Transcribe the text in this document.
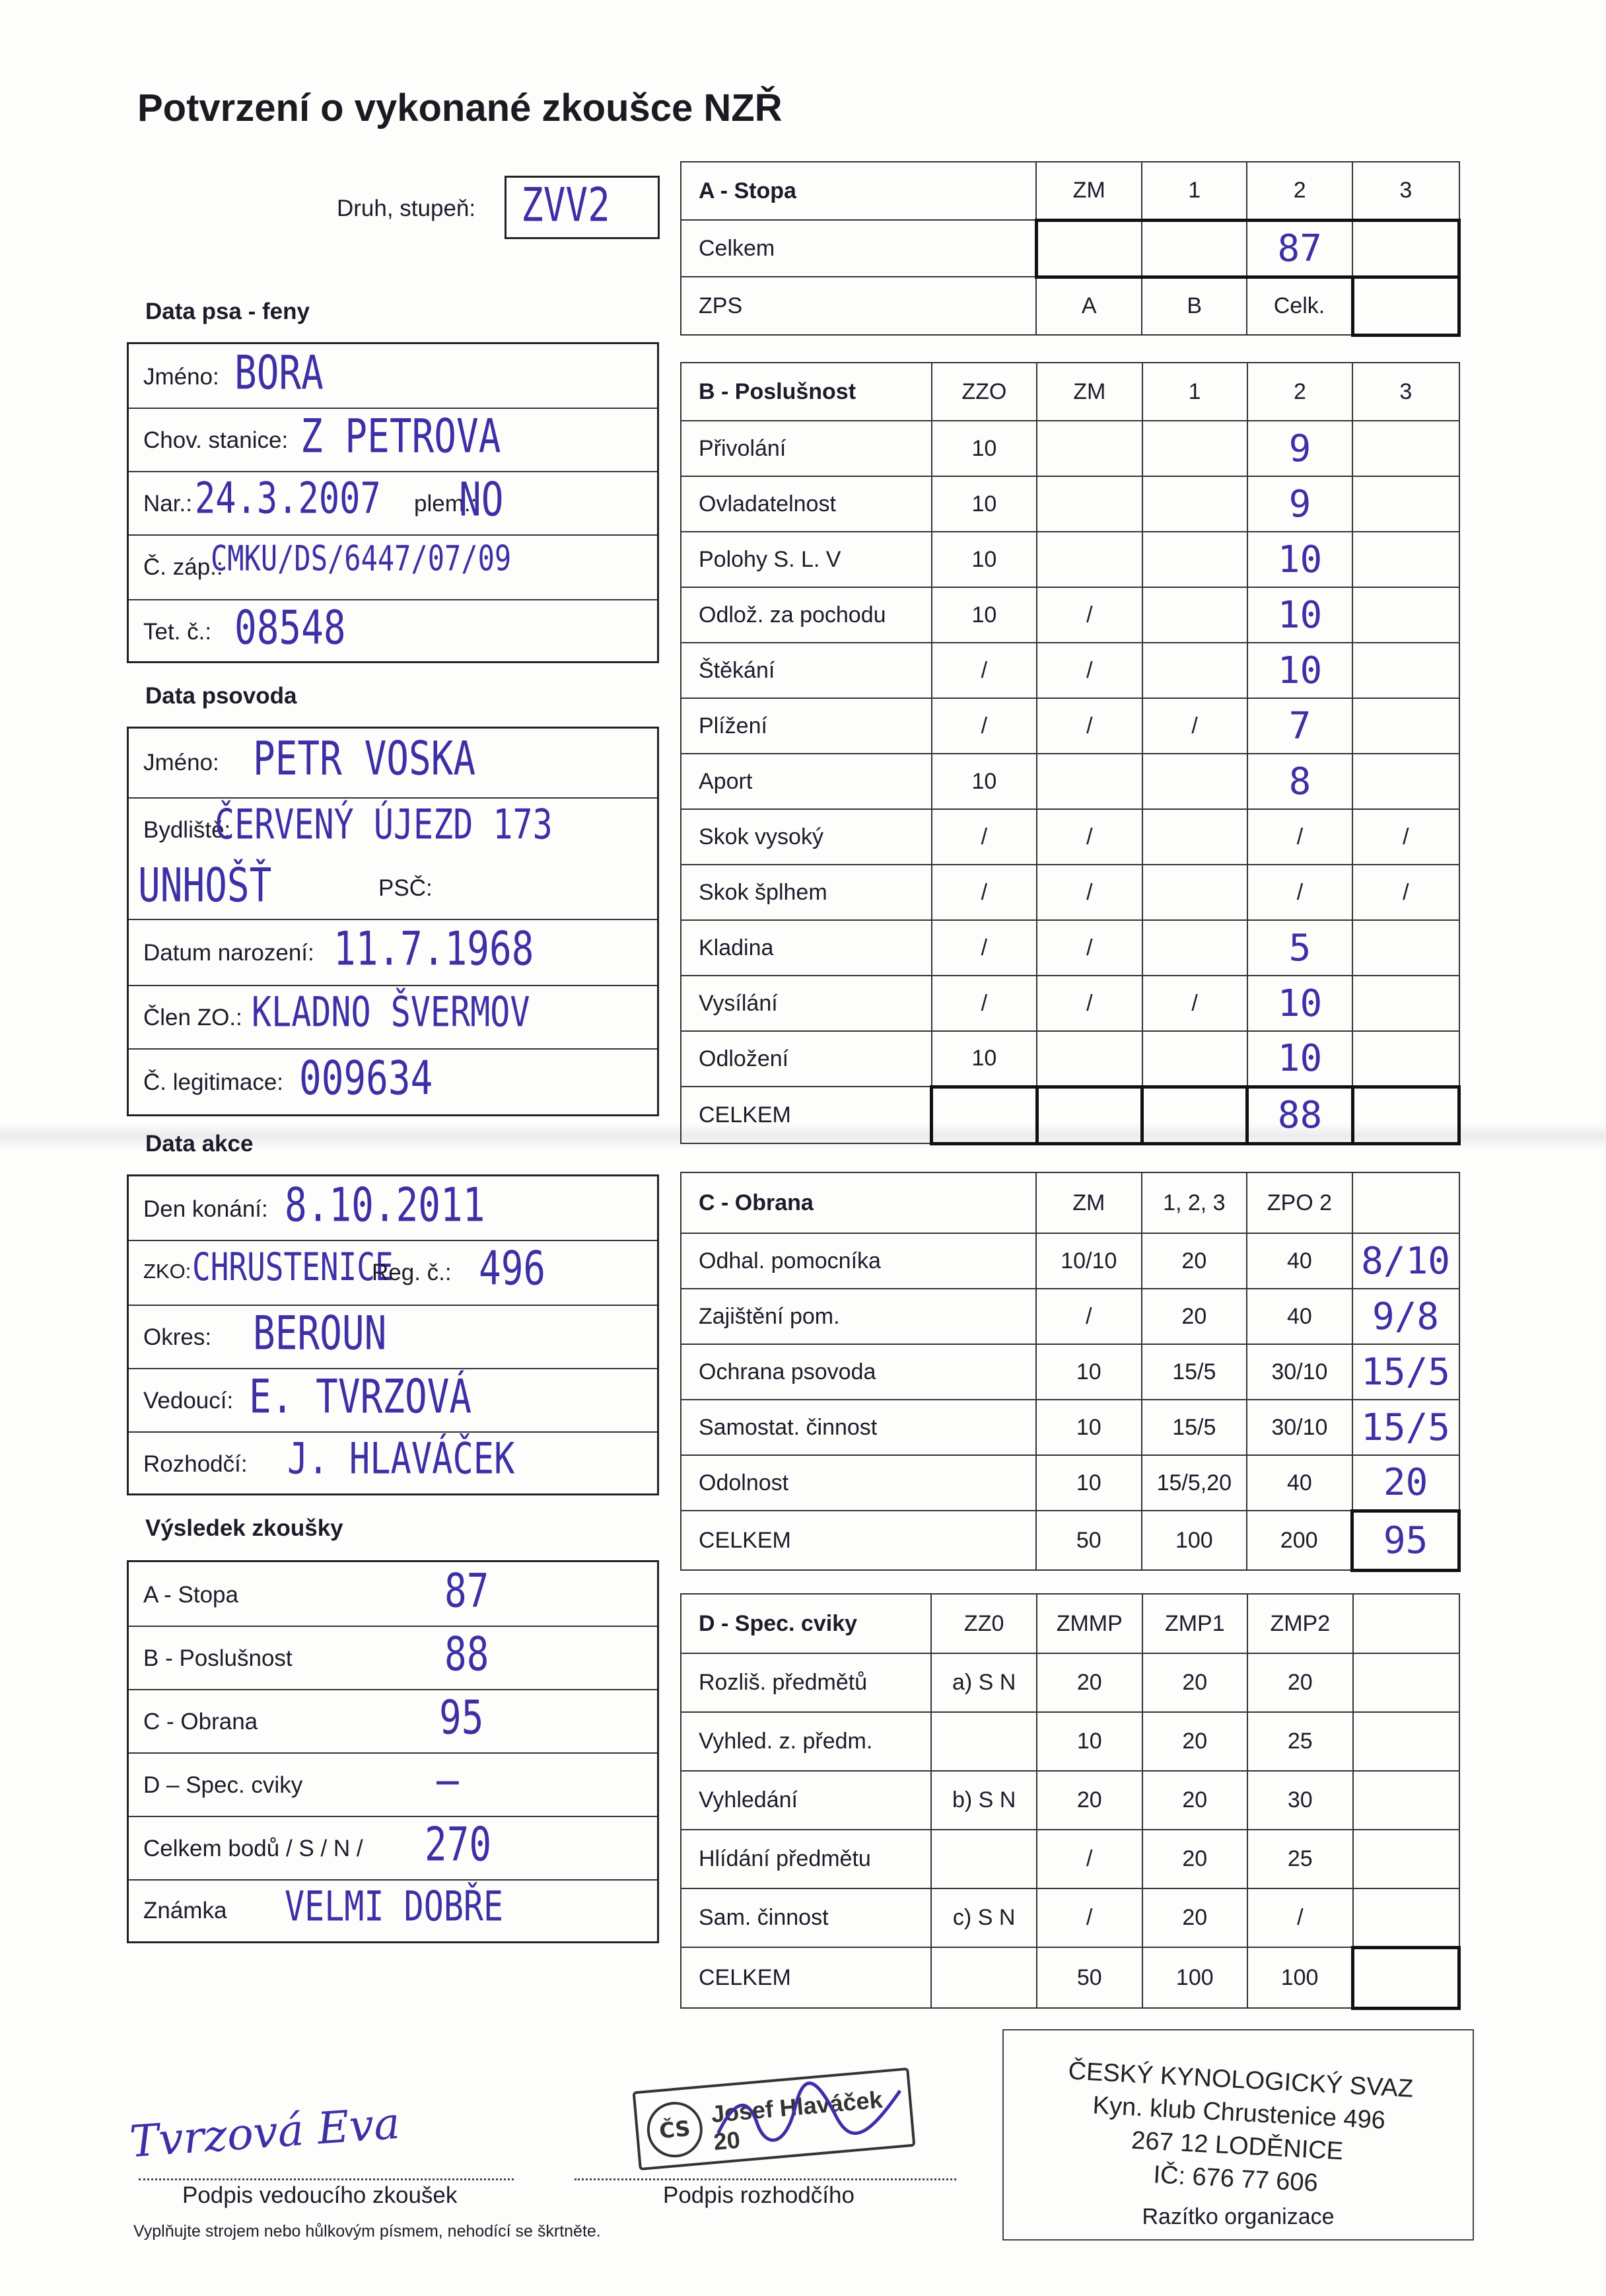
Potvrzení o vykonané zkoušce NZŘ
Druh, stupeň: ZVV2
Data psa - feny
Jméno: BORA
Chov. stanice: Z PETROVA
Nar.: 24.3.2007 plem.:
NO
Č. záp.:
CMKU/DS/6447/07/09
Tet. č.: 08548
Data psovoda
Jméno: PETR VOSKA
Bydliště:
ČERVENÝ ÚJEZD 173
UNHOŠŤ	PSČ:
Datum narození: 11.7.1968
Člen ZO.: KLADNO ŠVERMOV
Č. legitimace: 009634
Data akce
Den konání: 8.10.2011
ZKO: CHRUSTENICE
Reg. č.: 496
Okres: BEROUN
Vedoucí: E. TVRZOVÁ
Rozhodčí: J. HLAVÁČEK
Výsledek zkoušky
A - Stopa	87
B - Poslušnost	88
C - Obrana	95
D – Spec. cviky	—
Celkem bodů / S / N / 270
Známka VELMI DOBŘE
A - Stopa	ZM	1	2	3
Celkem			87	
ZPS	A	B	Celk.	
B - Poslušnost	ZZO	ZM	1	2	3
Přivolání	10			9	
Ovladatelnost	10			9	
Polohy S. L. V	10			10	
Odlož. za pochodu	10	/		10	
Štěkání	/	/		10	
Plížení	/	/	/	7	
Aport	10			8	
Skok vysoký	/	/		/	/
Skok šplhem	/	/		/	/
Kladina	/	/		5	
Vysílání	/	/	/	10	
Odložení	10			10	
CELKEM				88	
C - Obrana	ZM	1, 2, 3	ZPO 2	
Odhal. pomocníka	10/10	20	40	8/10
Zajištění pom.	/	20	40	9/8
Ochrana psovoda	10	15/5	30/10	15/5
Samostat. činnost	10	15/5	30/10	15/5
Odolnost	10	15/5,20	40	20
CELKEM	50	100	200	95
D - Spec. cviky	ZZ0	ZMMP	ZMP1	ZMP2	
Rozliš. předmětů	a) S N	20	20	20	
Vyhled. z. předm.		10	20	25	
Vyhledání	b) S N	20	20	30	
Hlídání předmětu		/	20	25	
Sam. činnost	c) S N	/	20	/	
CELKEM		50	100	100	
ČESKÝ KYNOLOGICKÝ SVAZ
Kyn. klub Chrustenice 496
267 12 LODĚNICE
IČ: 676 77 606
Razítko organizace
Tvrzová Eva
Podpis vedoucího zkoušek
ČS
Josef Hlaváček 20
Podpis rozhodčího
Vyplňujte strojem nebo hůlkovým písmem, nehodící se škrtněte.
